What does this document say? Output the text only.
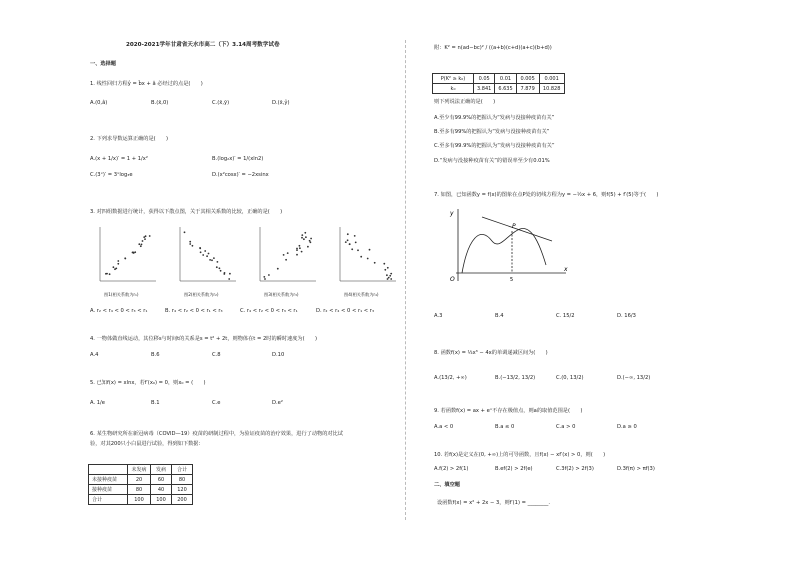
2020-2021学年甘肃省天水市高二（下）3.14周考数学试卷
一、选择题
1. 线性回归方程ŷ = b̂x + â 必经过的点是(　　)
A.(0,â)	B.(x̄,0)	C.(x̄,ȳ)	D.(x̄,ŷ)
2. 下列求导数运算正确的是(　　)
A.(x + 1/x)′ = 1 + 1/x²	B.(log₂x)′ = 1/(xln2)
C.(3ˣ)′ = 3ˣlog₃e	D.(x²cosx)′ = −2xsinx
3. 对四组数据进行统计，获得以下散点图，关于其相关系数的比较，正确的是(　　)
图1(相关系数为r₁)	图2(相关系数为r₂)	图3(相关系数为r₃)	图4(相关系数为r₄)
A. r₂ < r₄ < 0 < r₃ < r₁	B. r₄ < r₂ < 0 < r₁ < r₃	C. r₄ < r₂ < 0 < r₃ < r₁	D. r₂ < r₄ < 0 < r₁ < r₃
4. 一物体做直线运动，其位移s与时间t的关系是s = t² + 2t，则物体在t = 2时的瞬时速度为(　　)
A.4	B.6	C.8	D.10
5. 已知f(x) = xlnx，若f′(x₀) = 0，则x₀ = (　　)
A. 1/e	B.1	C.e	D.e²
6. 某生物研究所在新冠病毒（COVID—19）疫苗的研制过程中，为验证疫苗的治疗效果，进行了动物的对比试
验，对其200只小白鼠进行试验，得到如下数据：
	未发病	发病	合计
未接种疫苗	20	60	80
接种疫苗	80	40	120
合计	100	100	200
附：K² = n(ad−bc)² / ((a+b)(c+d)(a+c)(b+d))
P(K² ≥ k₀)	0.05	0.01	0.005	0.001
k₀	3.841	6.635	7.879	10.828
则下列说法正确的是(　　)
A.至少有99.9%的把握认为“发病与没接种疫苗有关”
B.至多有99%的把握认为“发病与没接种疫苗有关”
C.至多有99.9%的把握认为“发病与没接种疫苗有关”
D.“发病与没接种疫苗有关”的错误率至少有0.01%
7. 如图，已知函数y = f(x)的图象在点P处的切线方程为y = −½x + 6，则f(5) + f′(5)等于(　　)
y
x
O
P
5
A.3	B.4	C. 15/2	D. 16/3
8. 函数f(x) = ⅓x³ − 4x的单调递减区间为(　　)
A.(13/2, +∞)	B.(−13/2, 13/2)	C.(0, 13/2)	D.(−∞, 13/2)
9. 若函数f(x) = ax + eˣ不存在极值点，则a的取值范围是(　　)
A.a < 0	B.a ≤ 0	C.a > 0	D.a ≥ 0
10. 若f(x)是定义在(0, +∞)上的可导函数，且f(x) − xf′(x) > 0，则(　　)
A.f(2) > 2f(1)	B.ef(2) > 2f(e)	C.3f(2) > 2f(3)	D.3f(π) > πf(3)
二、填空题
设函数f(x) = x² + 2x − 3，则f′(1) = ________.
